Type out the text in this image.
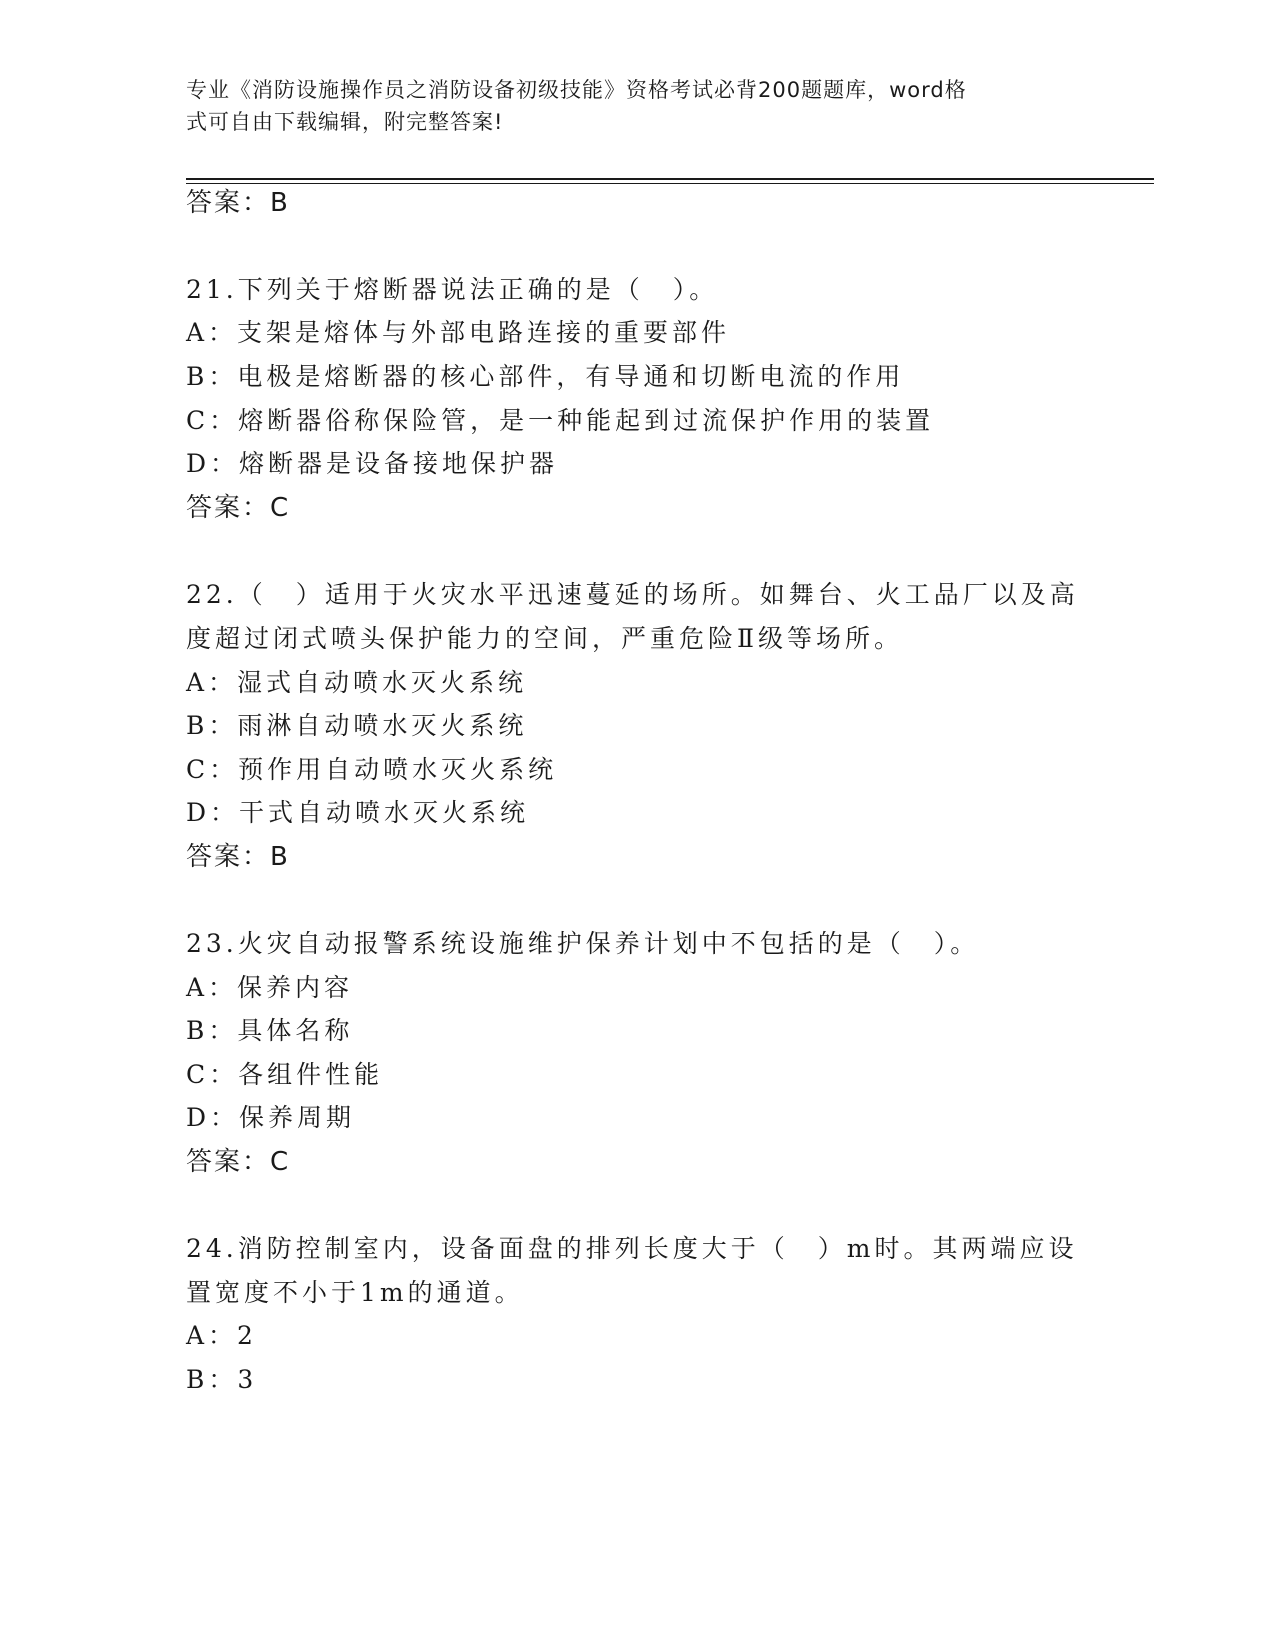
专业《消防设施操作员之消防设备初级技能》资格考试必背200题题库，word格
式可自由下载编辑，附完整答案!
答案：B
21.下列关于熔断器说法正确的是（　）。
A：支架是熔体与外部电路连接的重要部件
B：电极是熔断器的核心部件，有导通和切断电流的作用
C：熔断器俗称保险管，是一种能起到过流保护作用的装置
D：熔断器是设备接地保护器
答案：C
22.（　）适用于火灾水平迅速蔓延的场所。如舞台、火工品厂以及高
度超过闭式喷头保护能力的空间，严重危险Ⅱ级等场所。
A：湿式自动喷水灭火系统
B：雨淋自动喷水灭火系统
C：预作用自动喷水灭火系统
D：干式自动喷水灭火系统
答案：B
23.火灾自动报警系统设施维护保养计划中不包括的是（　）。
A：保养内容
B：具体名称
C：各组件性能
D：保养周期
答案：C
24.消防控制室内，设备面盘的排列长度大于（　）m时。其两端应设
置宽度不小于1m的通道。
A：2
B：3
